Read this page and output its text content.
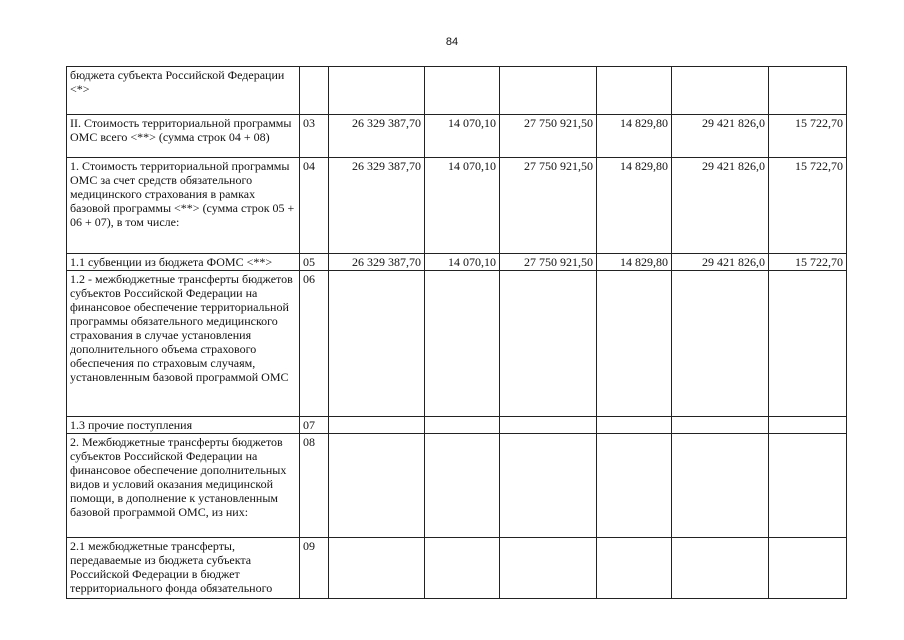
84
бюджета субъекта Российской Федерации <*>							
II. Стоимость территориальной программы ОМС всего <**> (сумма строк 04 + 08)	03	26 329 387,70	14 070,10	27 750 921,50	14 829,80	29 421 826,0	15 722,70
1. Стоимость территориальной программы ОМС за счет средств обязательного медицинского страхования в рамках базовой программы <**> (сумма строк 05 + 06 + 07), в том числе:	04	26 329 387,70	14 070,10	27 750 921,50	14 829,80	29 421 826,0	15 722,70
1.1 субвенции из бюджета ФОМС <**>	05	26 329 387,70	14 070,10	27 750 921,50	14 829,80	29 421 826,0	15 722,70
1.2 - межбюджетные трансферты бюджетов субъектов Российской Федерации на финансовое обеспечение территориальной программы обязательного медицинского страхования в случае установления дополнительного объема страхового обеспечения по страховым случаям, установленным базовой программой ОМС	06						
1.3 прочие поступления	07						
2. Межбюджетные трансферты бюджетов субъектов Российской Федерации на финансовое обеспечение дополнительных видов и условий оказания медицинской помощи, в дополнение к установленным базовой программой ОМС, из них:	08						
2.1 межбюджетные трансферты, передаваемые из бюджета субъекта Российской Федерации в бюджет территориального фонда обязательного	09						
